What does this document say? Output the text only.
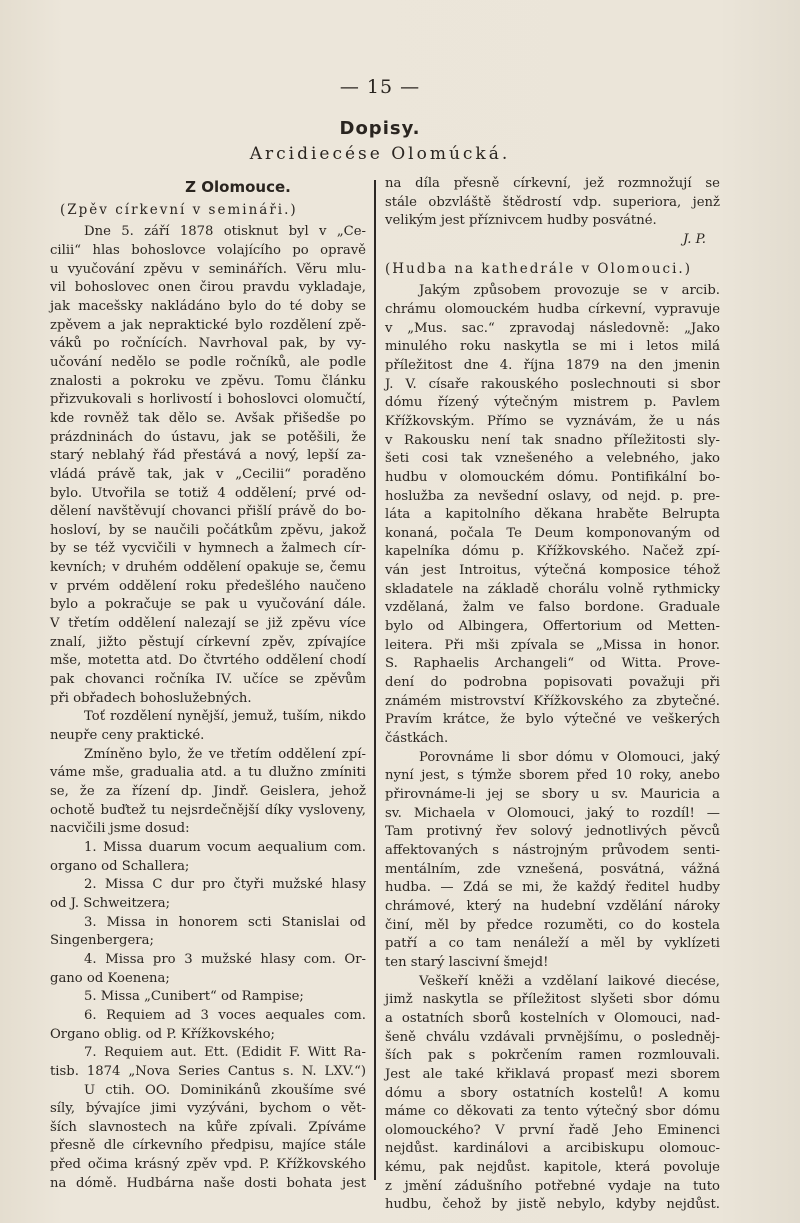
— 15 —
Dopisy.
Arcidiecése Olomúcká.
Z Olomouce.
(Zpěv církevní v semináři.)
Dne 5. září 1878 otisknut byl v „Ce-
cilii“ hlas bohoslovce volajícího po opravě
u vyučování zpěvu v seminářích. Věru mlu-
vil bohoslovec onen čirou pravdu vykladaje,
jak macešsky nakládáno bylo do té doby se
zpěvem a jak nepraktické bylo rozdělení zpě-
váků po ročnících. Navrhoval pak, by vy-
učování nedělo se podle ročníků, ale podle
znalosti a pokroku ve zpěvu. Tomu článku
přizvukovali s horlivostí i bohoslovci olomučtí,
kde rovněž tak dělo se. Avšak přišedše po
prázdninách do ústavu, jak se potěšili, že
starý neblahý řád přestává a nový, lepší za-
vládá právě tak, jak v „Cecilii“ poraděno
bylo. Utvořila se totiž 4 oddělení; prvé od-
dělení navštěvují chovanci přišlí právě do bo-
hosloví, by se naučili počátkům zpěvu, jakož
by se též vycvičili v hymnech a žalmech cír-
kevních; v druhém oddělení opakuje se, čemu
v prvém oddělení roku předešlého naučeno
bylo a pokračuje se pak u vyučování dále.
V třetím oddělení nalezají se již zpěvu více
znalí, jižto pěstují církevní zpěv, zpívajíce
mše, motetta atd. Do čtvrtého oddělení chodí
pak chovanci ročníka IV. učíce se zpěvům
při obřadech bohoslužebných.
Toť rozdělení nynější, jemuž, tuším, nikdo
neupře ceny praktické.
Zmíněno bylo, že ve třetím oddělení zpí-
váme mše, gradualia atd. a tu dlužno zmíniti
se, že za řízení dp. Jindř. Geislera, jehož
ochotě buďtež tu nejsrdečnější díky vysloveny,
nacvičili jsme dosud:
1. Missa duarum vocum aequalium com.
organo od Schallera;
2. Missa C dur pro čtyři mužské hlasy
od J. Schweitzera;
3. Missa in honorem scti Stanislai od
Singenbergera;
4. Missa pro 3 mužské hlasy com. Or-
gano od Koenena;
5. Missa „Cunibert“ od Rampise;
6. Requiem ad 3 voces aequales com.
Organo oblig. od P. Křížkovského;
7. Requiem aut. Ett. (Edidit F. Witt Ra-
tisb. 1874 „Nova Series Cantus s. N. LXV.“)
U ctih. OO. Dominikánů zkoušíme své
síly, bývajíce jimi vyzýváni, bychom o vět-
ších slavnostech na kůře zpívali. Zpíváme
přesně dle církevního předpisu, majíce stále
před očima krásný zpěv vpd. P. Křížkovského
na dómě. Hudbárna naše dosti bohata jest
na díla přesně církevní, jež rozmnožují se
stále obzvláště štědrostí vdp. superiora, jenž
velikým jest příznivcem hudby posvátné.
J. P.
(Hudba na kathedrále v Olomouci.)
Jakým způsobem provozuje se v arcib.
chrámu olomouckém hudba církevní, vypravuje
v „Mus. sac.“ zpravodaj následovně: „Jako
minulého roku naskytla se mi i letos milá
příležitost dne 4. října 1879 na den jmenin
J. V. císaře rakouského poslechnouti si sbor
dómu řízený výtečným mistrem p. Pavlem
Křížkovským. Přímo se vyznávám, že u nás
v Rakousku není tak snadno příležitosti sly-
šeti cosi tak vznešeného a velebného, jako
hudbu v olomouckém dómu. Pontifikální bo-
hoslužba za nevšední oslavy, od nejd. p. pre-
láta a kapitolního děkana hraběte Belrupta
konaná, počala Te Deum komponovaným od
kapelníka dómu p. Křížkovského. Načež zpí-
ván jest Introitus, výtečná komposice téhož
skladatele na základě chorálu volně rythmicky
vzdělaná, žalm ve falso bordone. Graduale
bylo od Albingera, Offertorium od Metten-
leitera. Při mši zpívala se „Missa in honor.
S. Raphaelis Archangeli“ od Witta. Prove-
dení do podrobna popisovati považuji při
známém mistrovství Křížkovského za zbytečné.
Pravím krátce, že bylo výtečné ve veškerých
částkách.
Porovnáme li sbor dómu v Olomouci, jaký
nyní jest, s týmže sborem před 10 roky, anebo
přirovnáme-li jej se sbory u sv. Mauricia a
sv. Michaela v Olomouci, jaký to rozdíl! —
Tam protivný řev solový jednotlivých pěvců
affektovaných s nástrojným průvodem senti-
mentálním, zde vznešená, posvátná, vážná
hudba. — Zdá se mi, že každý ředitel hudby
chrámové, který na hudební vzdělání nároky
činí, měl by předce rozuměti, co do kostela
patří a co tam nenáleží a měl by vyklízeti
ten starý lascivní šmejd!
Veškeří kněži a vzdělaní laikové diecése,
jimž naskytla se příležitost slyšeti sbor dómu
a ostatních sborů kostelních v Olomouci, nad-
šeně chválu vzdávali prvnějšímu, o posledněj-
ších pak s pokrčením ramen rozmlouvali.
Jest ale také křiklavá propasť mezi sborem
dómu a sbory ostatních kostelů! A komu
máme co děkovati za tento výtečný sbor dómu
olomouckého? V první řadě Jeho Eminenci
nejdůst. kardinálovi a arcibiskupu olomouc-
kému, pak nejdůst. kapitole, která povoluje
z jmění zádušního potřebné vydaje na tuto
hudbu, čehož by jistě nebylo, kdyby nejdůst.
